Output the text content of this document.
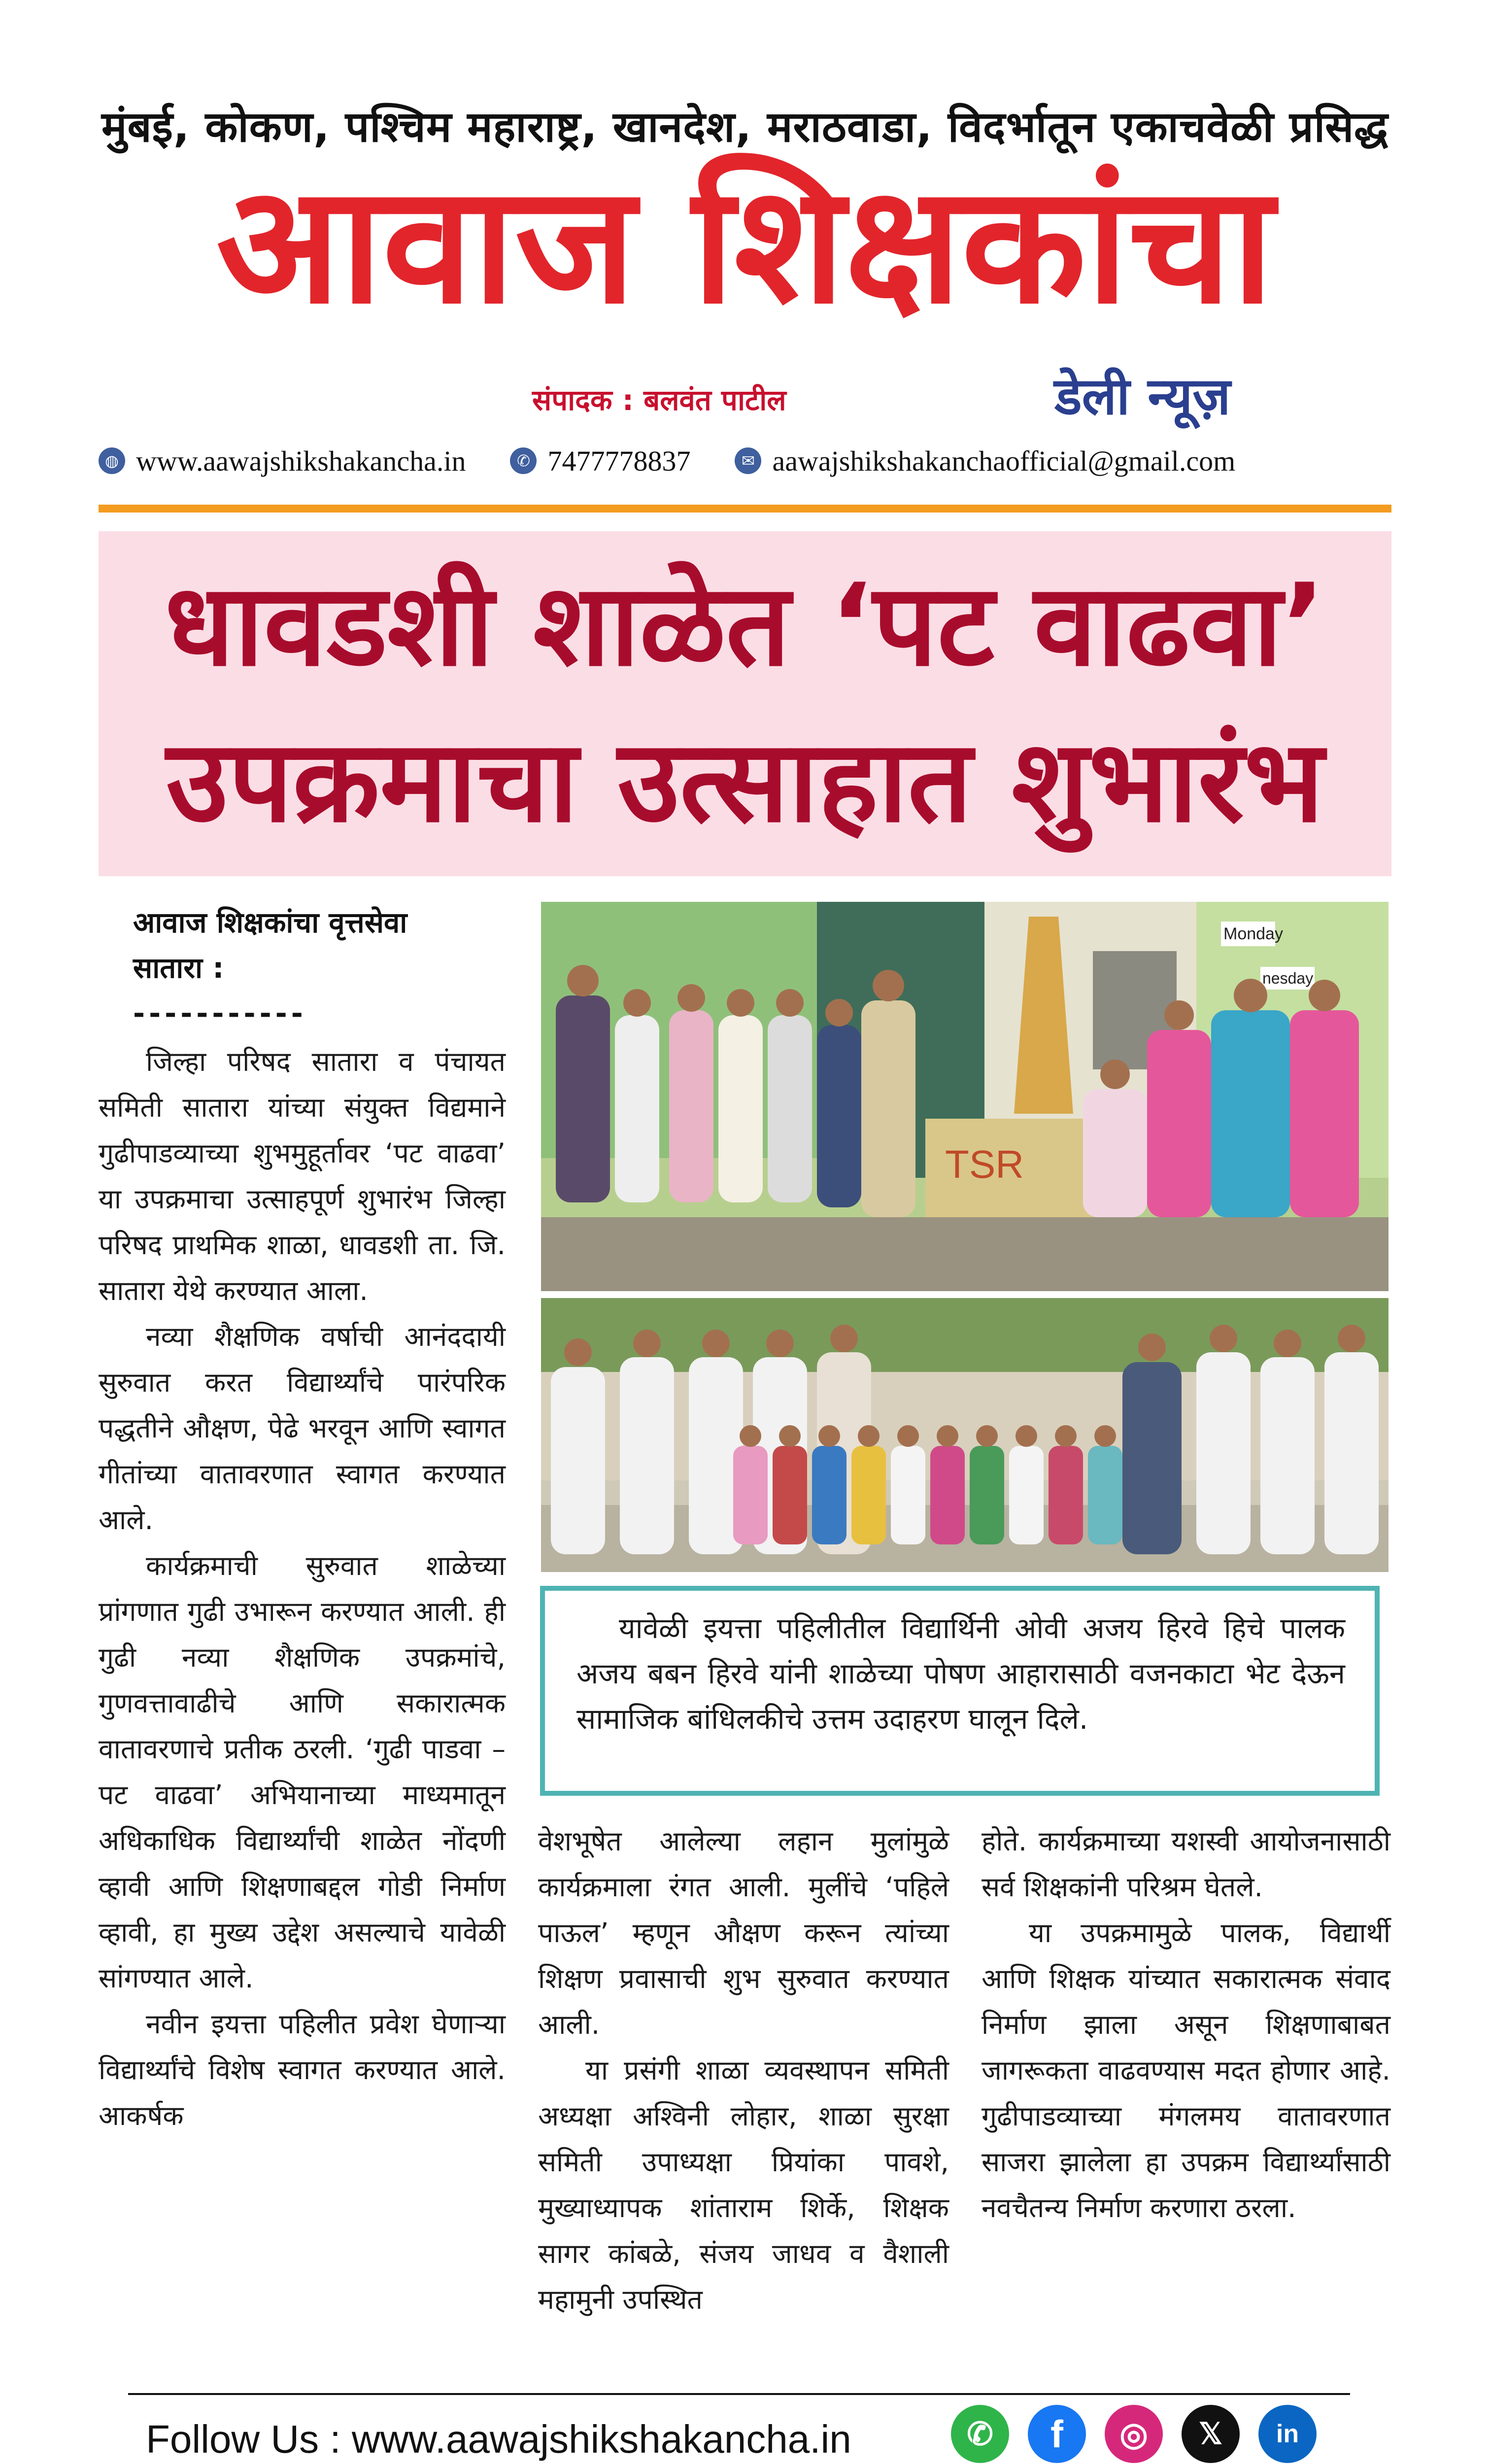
मुंबई, कोकण, पश्चिम महाराष्ट्र, खानदेश, मराठवाडा, विदर्भातून एकाचवेळी प्रसिद्ध
आवाज शिक्षकांचा
संपादक : बलवंत पाटील	डेली न्यूज़
◍ www.aawajshikshakancha.in	✆ 7477778837	✉ aawajshikshakanchaofficial@gmail.com
धावडशी शाळेत ‘पट वाढवा’
उपक्रमाचा उत्साहात शुभारंभ
आवाज शिक्षकांचा वृत्तसेवा
सातारा :
-----------

जिल्हा परिषद सातारा व पंचायत समिती सातारा यांच्या संयुक्त विद्यमाने गुढीपाडव्याच्या शुभमुहूर्तावर ‘पट वाढवा’ या उपक्रमाचा उत्साहपूर्ण शुभारंभ जिल्हा परिषद प्राथमिक शाळा, धावडशी ता. जि. सातारा येथे करण्यात आला.

नव्या शैक्षणिक वर्षाची आनंददायी सुरुवात करत विद्यार्थ्यांचे पारंपरिक पद्धतीने औक्षण, पेढे भरवून आणि स्वागत गीतांच्या वातावरणात स्वागत करण्यात आले.

कार्यक्रमाची सुरुवात शाळेच्या प्रांगणात गुढी उभारून करण्यात आली. ही गुढी नव्या शैक्षणिक उपक्रमांचे, गुणवत्तावाढीचे आणि सकारात्मक वातावरणाचे प्रतीक ठरली. ‘गुढी पाडवा – पट वाढवा’ अभियानाच्या माध्यमातून अधिकाधिक विद्यार्थ्यांची शाळेत नोंदणी व्हावी आणि शिक्षणाबद्दल गोडी निर्माण व्हावी, हा मुख्य उद्देश असल्याचे यावेळी सांगण्यात आले.

नवीन इयत्ता पहिलीत प्रवेश घेणाऱ्या विद्यार्थ्यांचे विशेष स्वागत करण्यात आले. आकर्षक

वेशभूषेत आलेल्या लहान मुलांमुळे कार्यक्रमाला रंगत आली. मुलींचे ‘पहिले पाऊल’ म्हणून औक्षण करून त्यांच्या शिक्षण प्रवासाची शुभ सुरुवात करण्यात आली.

या प्रसंगी शाळा व्यवस्थापन समिती अध्यक्षा अश्विनी लोहार, शाळा सुरक्षा समिती उपाध्यक्षा प्रियांका पावशे, मुख्याध्यापक शांताराम शिर्के, शिक्षक सागर कांबळे, संजय जाधव व वैशाली महामुनी उपस्थित

होते. कार्यक्रमाच्या यशस्वी आयोजनासाठी सर्व शिक्षकांनी परिश्रम घेतले.

या उपक्रमामुळे पालक, विद्यार्थी आणि शिक्षक यांच्यात सकारात्मक संवाद निर्माण झाला असून शिक्षणाबाबत जागरूकता वाढवण्यास मदत होणार आहे. गुढीपाडव्याच्या मंगलमय वातावरणात साजरा झालेला हा उपक्रम विद्यार्थ्यांसाठी नवचैतन्य निर्माण करणारा ठरला.

Monday
nesday
TSR
यावेळी इयत्ता पहिलीतील विद्यार्थिनी ओवी अजय हिरवे हिचे पालक अजय बबन हिरवे यांनी शाळेच्या पोषण आहारासाठी वजनकाटा भेट देऊन सामाजिक बांधिलकीचे उत्तम उदाहरण घालून दिले.
Follow Us : www.aawajshikshakancha.in	✆	f	◎	𝕏	in
